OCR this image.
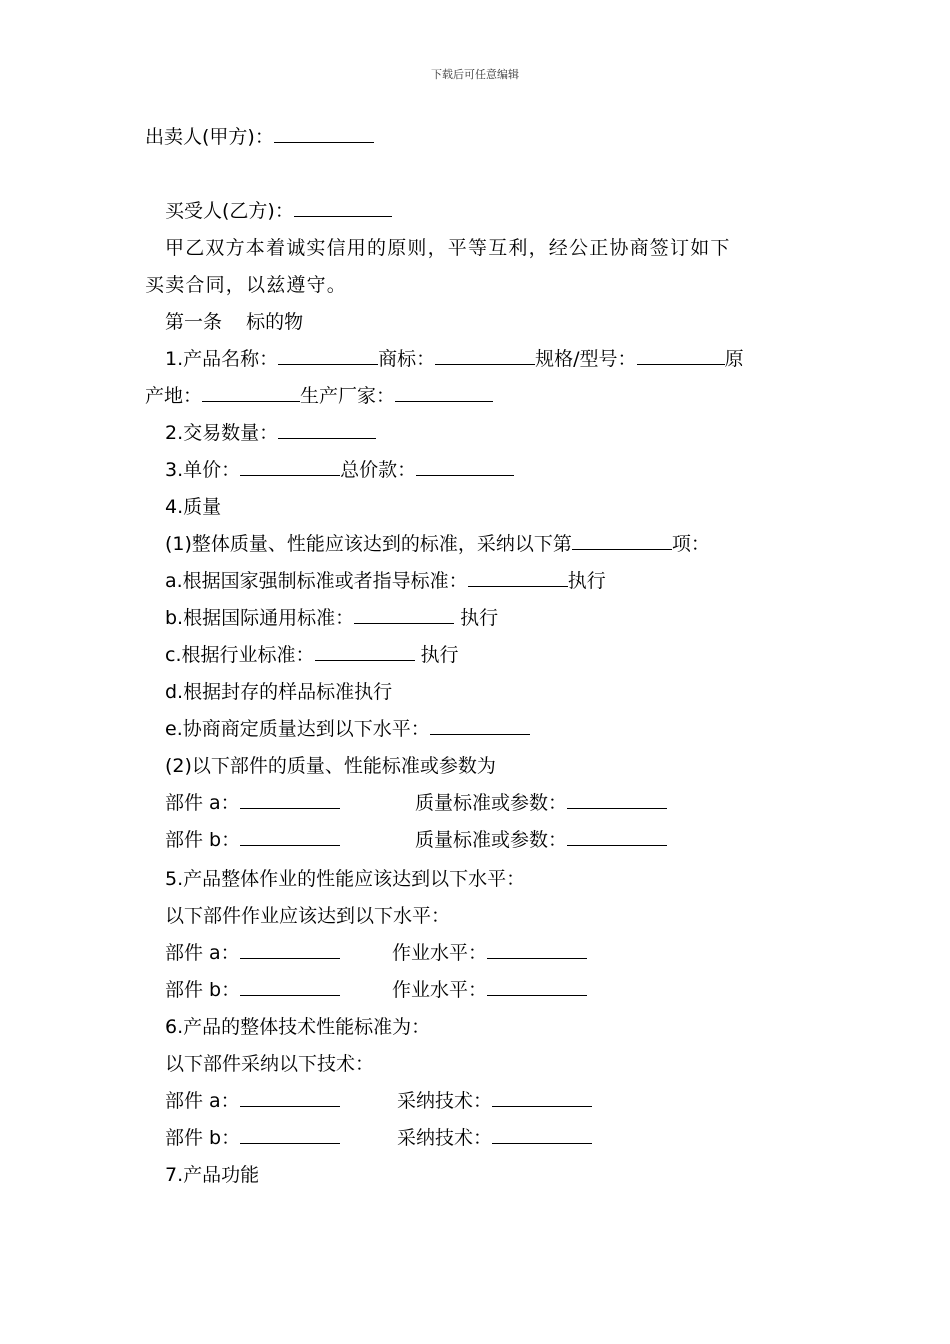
下载后可任意编辑
出卖人(甲方)：
买受人(乙方)：
甲乙双方本着诚实信用的原则，平等互利，经公正协商签订如下
买卖合同，以兹遵守。
第一条    标的物
1.产品名称：	商标：	规格/型号：	原
产地：	生产厂家：
2.交易数量：
3.单价：	总价款：
4.质量
(1)整体质量、性能应该达到的标准，采纳以下第	项：
a.根据国家强制标准或者指导标准：	执行
b.根据国际通用标准：	执行
c.根据行业标准：	执行
d.根据封存的样品标准执行
e.协商商定质量达到以下水平：
(2)以下部件的质量、性能标准或参数为
部件 a：	质量标准或参数：
部件 b：	质量标准或参数：
5.产品整体作业的性能应该达到以下水平：
以下部件作业应该达到以下水平：
部件 a：	作业水平：
部件 b：	作业水平：
6.产品的整体技术性能标准为：
以下部件采纳以下技术：
部件 a：	采纳技术：
部件 b：	采纳技术：
7.产品功能
